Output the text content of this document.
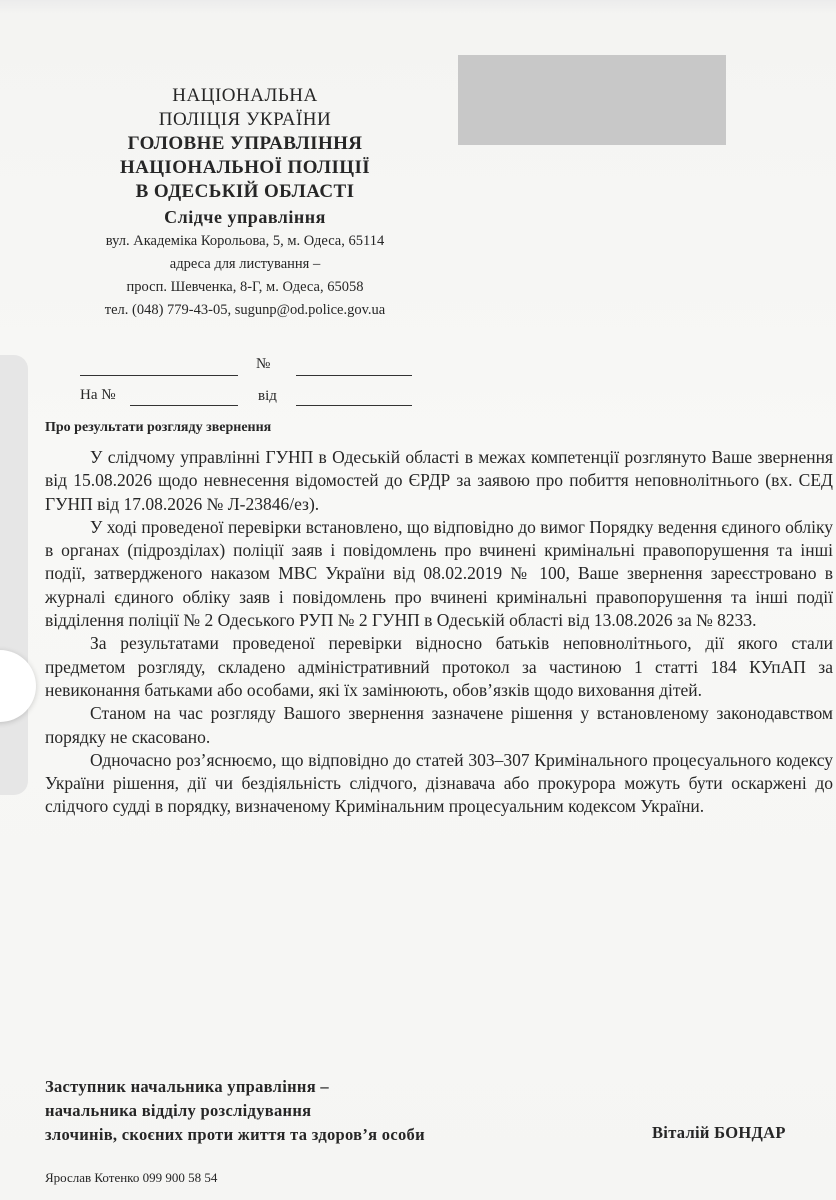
НАЦІОНАЛЬНА
ПОЛІЦІЯ УКРАЇНИ
ГОЛОВНЕ УПРАВЛІННЯ
НАЦІОНАЛЬНОЇ ПОЛІЦІЇ
В ОДЕСЬКІЙ ОБЛАСТІ
Слідче управління
вул. Академіка Корольова, 5, м. Одеса, 65114
адреса для листування –
просп. Шевченка, 8-Г, м. Одеса, 65058
тел. (048) 779-43-05, sugunp@od.police.gov.ua
№
На №	від
Про результати розгляду звернення

У слідчому управлінні ГУНП в Одеській області в межах компетенції розглянуто Ваше звернення від 15.08.2026 щодо невнесення відомостей до ЄРДР за заявою про побиття неповнолітнього (вх. СЕД ГУНП від 17.08.2026 № Л-23846/ез).

У ході проведеної перевірки встановлено, що відповідно до вимог Порядку ведення єдиного обліку в органах (підрозділах) поліції заяв і повідомлень про вчинені кримінальні правопорушення та інші події, затвердженого наказом МВС України від 08.02.2019 № 100, Ваше звернення зареєстровано в журналі єдиного обліку заяв і повідомлень про вчинені кримінальні правопорушення та інші події відділення поліції № 2 Одеського РУП № 2 ГУНП в Одеській області від 13.08.2026 за № 8233.

За результатами проведеної перевірки відносно батьків неповнолітнього, дії якого стали предметом розгляду, складено адміністративний протокол за частиною 1 статті 184 КУпАП за невиконання батьками або особами, які їх замінюють, обов’язків щодо виховання дітей.

Станом на час розгляду Вашого звернення зазначене рішення у встановленому законодавством порядку не скасовано.

Одночасно роз’яснюємо, що відповідно до статей 303–307 Кримінального процесуального кодексу України рішення, дії чи бездіяльність слідчого, дізнавача або прокурора можуть бути оскаржені до слідчого судді в порядку, визначеному Кримінальним процесуальним кодексом України.

Заступник начальника управління –
начальника відділу розслідування
злочинів, скоєних проти життя та здоров’я особи	Віталій БОНДАР
Ярослав Котенко 099 900 58 54
